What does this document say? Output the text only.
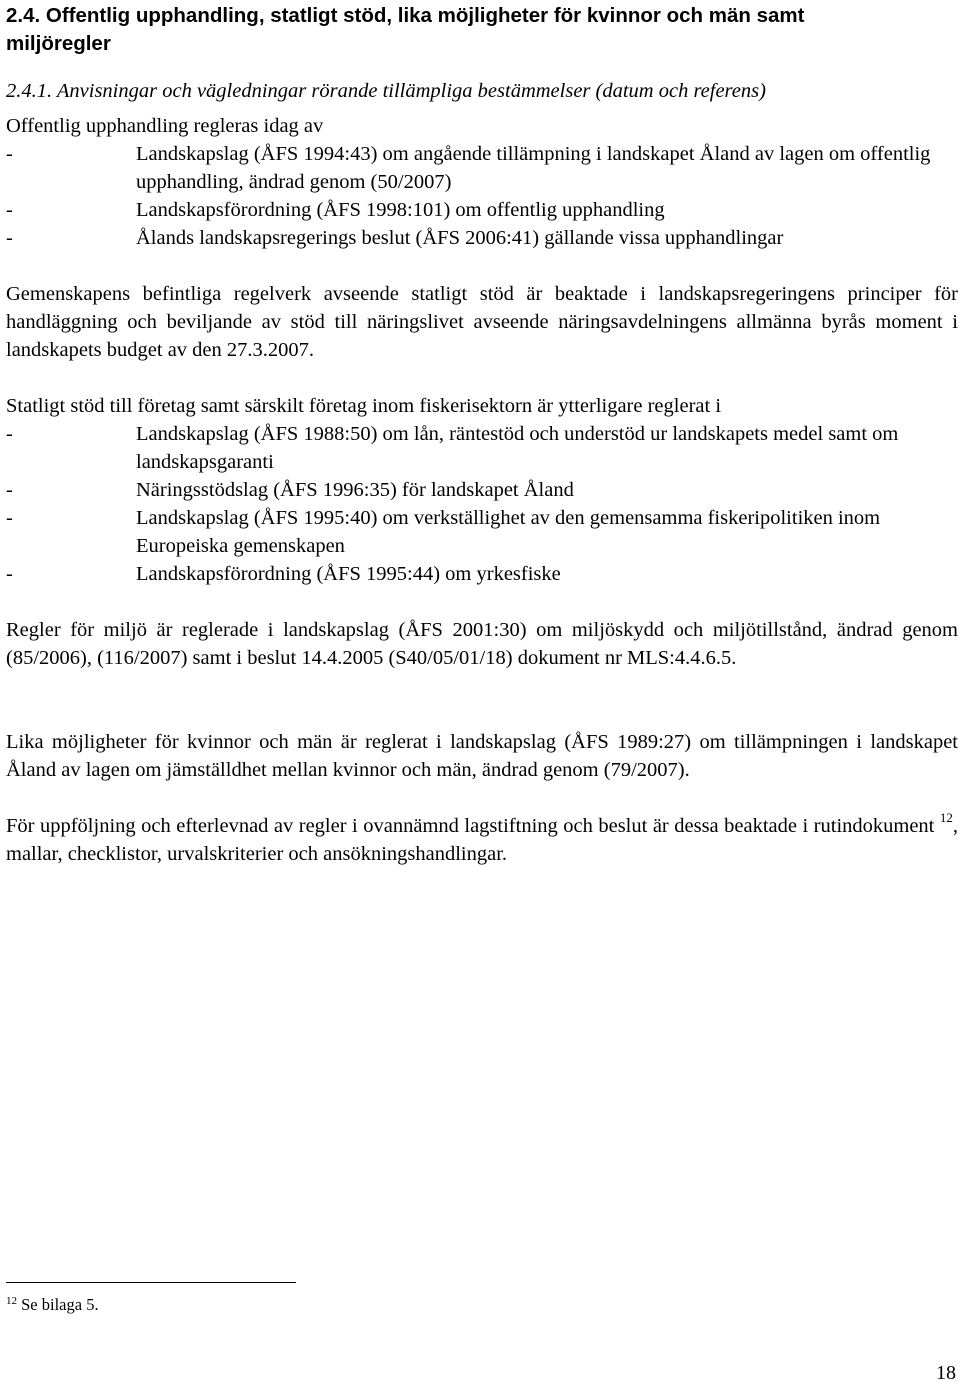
2.4. Offentlig upphandling, statligt stöd, lika möjligheter för kvinnor och män samt miljöregler
2.4.1. Anvisningar och vägledningar rörande tillämpliga bestämmelser (datum och referens)
Offentlig upphandling regleras idag av
-	Landskapslag (ÅFS 1994:43) om angående tillämpning i landskapet Åland av lagen om offentlig upphandling, ändrad genom (50/2007)
-	Landskapsförordning (ÅFS 1998:101) om offentlig upphandling
-	Ålands landskapsregerings beslut (ÅFS 2006:41) gällande vissa upphandlingar
Gemenskapens befintliga regelverk avseende statligt stöd är beaktade i landskapsregeringens principer för handläggning och beviljande av stöd till näringslivet avseende näringsavdelningens allmänna byrås moment i landskapets budget av den 27.3.2007.
Statligt stöd till företag samt särskilt företag inom fiskerisektorn är ytterligare reglerat i
-	Landskapslag (ÅFS 1988:50) om lån, räntestöd och understöd ur landskapets medel samt om landskapsgaranti
-	Näringsstödslag (ÅFS 1996:35) för landskapet Åland
-	Landskapslag (ÅFS 1995:40) om verkställighet av den gemensamma fiskeripolitiken inom Europeiska gemenskapen
-	Landskapsförordning (ÅFS 1995:44) om yrkesfiske
Regler för miljö är reglerade i landskapslag (ÅFS 2001:30) om miljöskydd och miljötillstånd, ändrad genom (85/2006), (116/2007) samt i beslut 14.4.2005 (S40/05/01/18) dokument nr MLS:4.4.6.5.
Lika möjligheter för kvinnor och män är reglerat i landskapslag (ÅFS 1989:27) om tillämpningen i landskapet Åland av lagen om jämställdhet mellan kvinnor och män, ändrad genom (79/2007).
För uppföljning och efterlevnad av regler i ovannämnd lagstiftning och beslut är dessa beaktade i rutindokument $^{12}$, mallar, checklistor, urvalskriterier och ansökningshandlingar.
$^{12}$ Se bilaga 5.
18
